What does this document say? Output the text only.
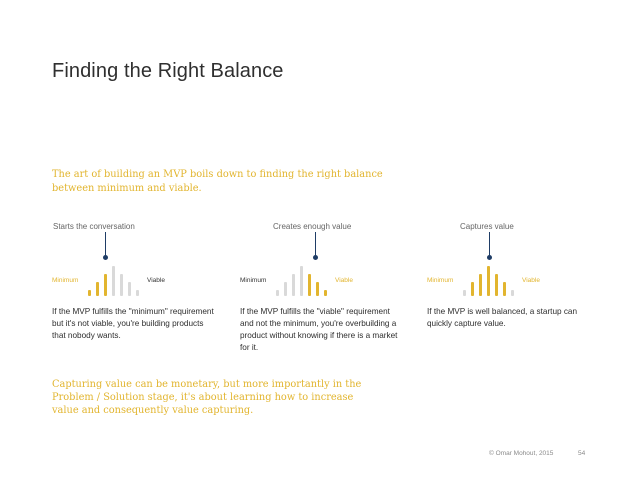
Finding the Right Balance
The art of building an MVP boils down to finding the right balance between minimum and viable.
Starts the conversation
Minimum	Viable
If the MVP fulfills the "minimum" requirement but it's not viable, you're building products that nobody wants.
Creates enough value
Minimum	Viable
If the MVP fulfills the "viable" requirement and not the minimum, you're overbuilding a product without knowing if there is a market for it.
Captures value
Minimum	Viable
If the MVP is well balanced, a startup can quickly capture value.
Capturing value can be monetary, but more importantly in the Problem / Solution stage, it's about learning how to increase value and consequently value capturing.
© Omar Mohout, 2015	54
